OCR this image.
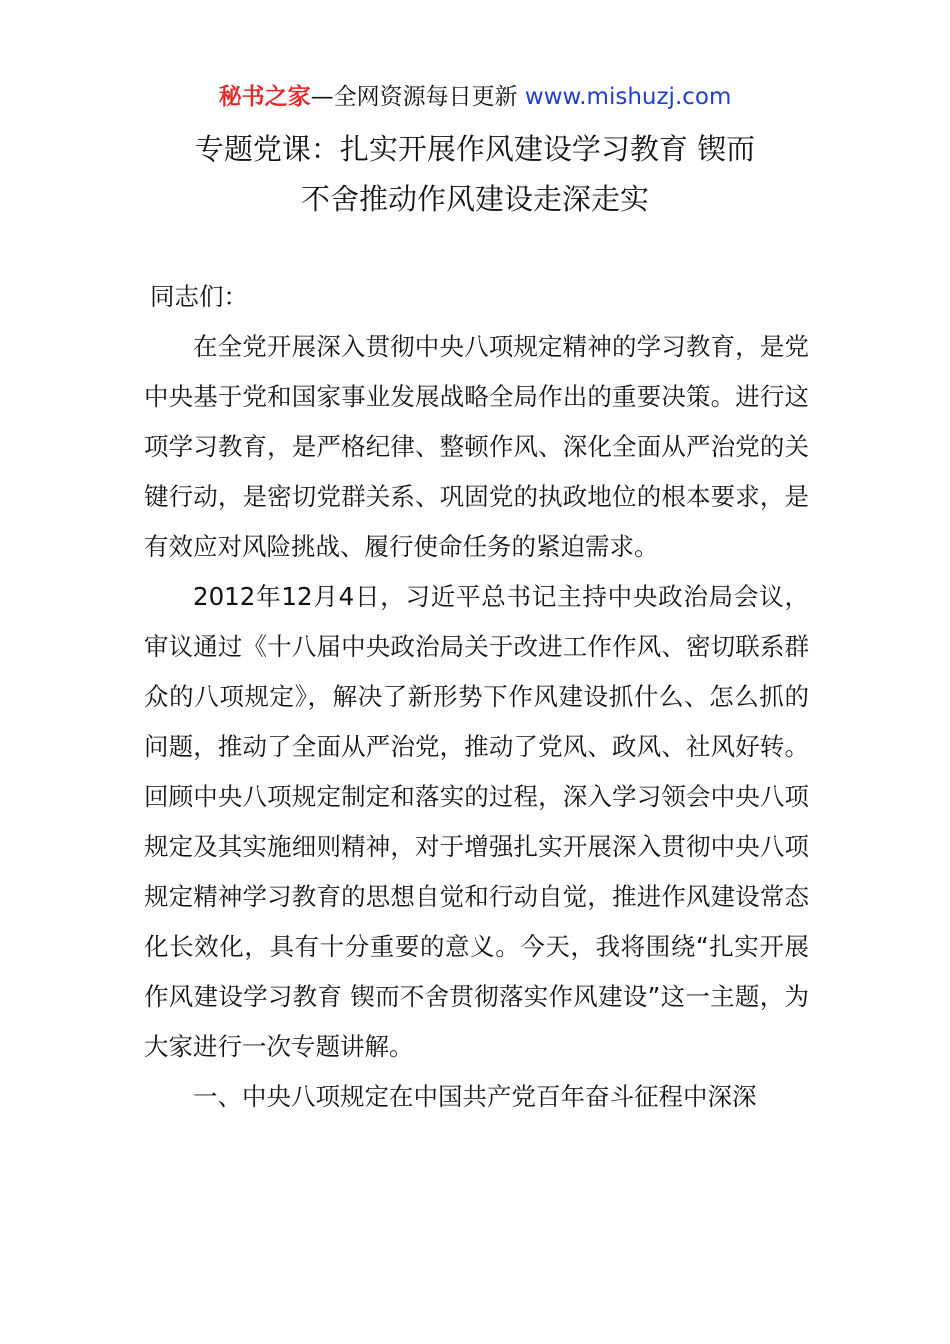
秘书之家—全网资源每日更新 www.mishuzj.com
专题党课：扎实开展作风建设学习教育 锲而
不舍推动作风建设走深走实

同志们：

在全党开展深入贯彻中央八项规定精神的学习教育，是党中央基于党和国家事业发展战略全局作出的重要决策。进行这项学习教育，是严格纪律、整顿作风、深化全面从严治党的关键行动，是密切党群关系、巩固党的执政地位的根本要求，是有效应对风险挑战、履行使命任务的紧迫需求。

2012年12月4日，习近平总书记主持中央政治局会议，审议通过《十八届中央政治局关于改进工作作风、密切联系群众的八项规定》，解决了新形势下作风建设抓什么、怎么抓的问题，推动了全面从严治党，推动了党风、政风、社风好转。回顾中央八项规定制定和落实的过程，深入学习领会中央八项规定及其实施细则精神，对于增强扎实开展深入贯彻中央八项规定精神学习教育的思想自觉和行动自觉，推进作风建设常态化长效化，具有十分重要的意义。今天，我将围绕“扎实开展作风建设学习教育 锲而不舍贯彻落实作风建设”这一主题，为大家进行一次专题讲解。

一、中央八项规定在中国共产党百年奋斗征程中深深
